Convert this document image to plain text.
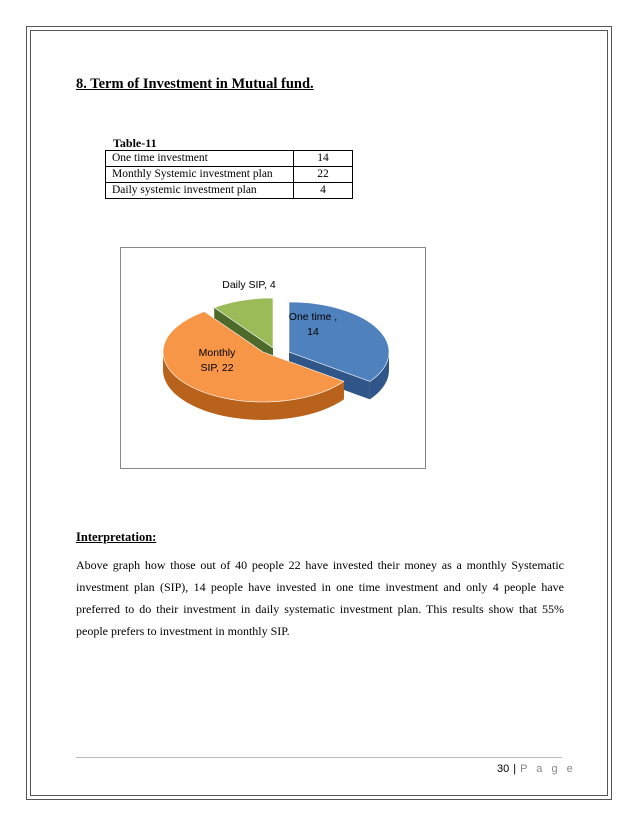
8. Term of Investment in Mutual fund.
Table-11
One time investment	14
Monthly Systemic investment plan	22
Daily systemic investment plan	4
One time , 14
Monthly SIP, 22
Daily SIP, 4
Interpretation:
Above graph how those out of 40 people 22 have invested their money as a monthly Systematic investment plan (SIP), 14 people have invested in one time investment and only 4 people have preferred to do their investment in daily systematic investment plan. This results show that 55% people prefers to investment in monthly SIP.
30 | P a g e
